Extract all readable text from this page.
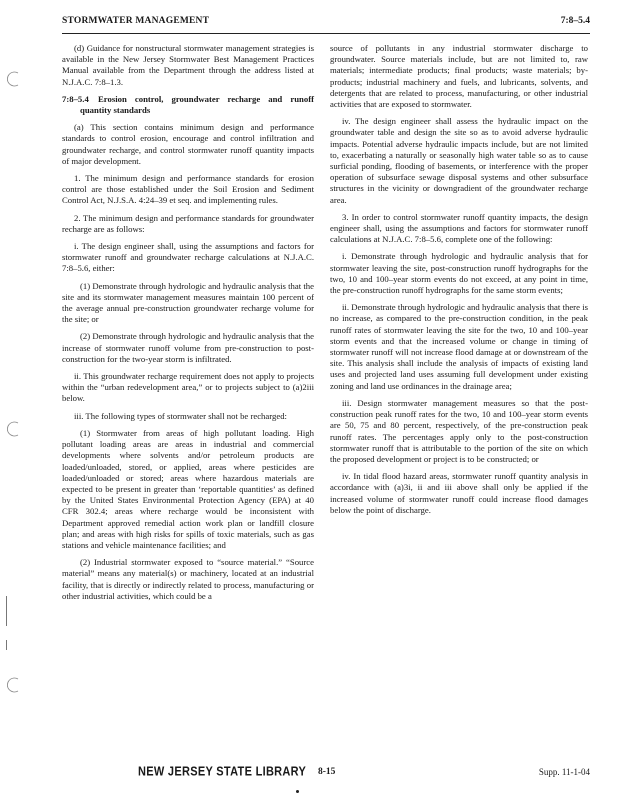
STORMWATER MANAGEMENT	7:8–5.4

(d) Guidance for nonstructural stormwater management strategies is available in the New Jersey Stormwater Best Management Practices Manual available from the Department through the address listed at N.J.A.C. 7:8–1.3.

7:8–5.4 Erosion control, groundwater recharge and runoff quantity standards

(a) This section contains minimum design and performance standards to control erosion, encourage and control infiltration and groundwater recharge, and control stormwater runoff quantity impacts of major development.

1. The minimum design and performance standards for erosion control are those established under the Soil Erosion and Sediment Control Act, N.J.S.A. 4:24–39 et seq. and implementing rules.

2. The minimum design and performance standards for groundwater recharge are as follows:

i. The design engineer shall, using the assumptions and factors for stormwater runoff and groundwater recharge calculations at N.J.A.C. 7:8–5.6, either:

(1) Demonstrate through hydrologic and hydraulic analysis that the site and its stormwater management measures maintain 100 percent of the average annual pre-construction groundwater recharge volume for the site; or

(2) Demonstrate through hydrologic and hydraulic analysis that the increase of stormwater runoff volume from pre-construction to post-construction for the two-year storm is infiltrated.

ii. This groundwater recharge requirement does not apply to projects within the “urban redevelopment area,” or to projects subject to (a)2iii below.

iii. The following types of stormwater shall not be recharged:

(1) Stormwater from areas of high pollutant loading. High pollutant loading areas are areas in industrial and commercial developments where solvents and/or petroleum products are loaded/unloaded, stored, or applied, areas where pesticides are loaded/unloaded or stored; areas where hazardous materials are expected to be present in greater than ‘reportable quantities’ as defined by the United States Environmental Protection Agency (EPA) at 40 CFR 302.4; areas where recharge would be inconsistent with Department approved remedial action work plan or landfill closure plan; and areas with high risks for spills of toxic materials, such as gas stations and vehicle maintenance facilities; and

(2) Industrial stormwater exposed to “source material.” “Source material” means any material(s) or machinery, located at an industrial facility, that is directly or indirectly related to process, manufacturing or other industrial activities, which could be a

source of pollutants in any industrial stormwater discharge to groundwater. Source materials include, but are not limited to, raw materials; intermediate products; final products; waste materials; by-products; industrial machinery and fuels, and lubricants, solvents, and detergents that are related to process, manufacturing, or other industrial activities that are exposed to stormwater.

iv. The design engineer shall assess the hydraulic impact on the groundwater table and design the site so as to avoid adverse hydraulic impacts. Potential adverse hydraulic impacts include, but are not limited to, exacerbating a naturally or seasonally high water table so as to cause surficial ponding, flooding of basements, or interference with the proper operation of subsurface sewage disposal systems and other subsurface structures in the vicinity or downgradient of the groundwater recharge area.

3. In order to control stormwater runoff quantity impacts, the design engineer shall, using the assumptions and factors for stormwater runoff calculations at N.J.A.C. 7:8–5.6, complete one of the following:

i. Demonstrate through hydrologic and hydraulic analysis that for stormwater leaving the site, post-construction runoff hydrographs for the two, 10 and 100–year storm events do not exceed, at any point in time, the pre-construction runoff hydrographs for the same storm events;

ii. Demonstrate through hydrologic and hydraulic analysis that there is no increase, as compared to the pre-construction condition, in the peak runoff rates of stormwater leaving the site for the two, 10 and 100–year storm events and that the increased volume or change in timing of stormwater runoff will not increase flood damage at or downstream of the site. This analysis shall include the analysis of impacts of existing land uses and projected land uses assuming full development under existing zoning and land use ordinances in the drainage area;

iii. Design stormwater management measures so that the post-construction peak runoff rates for the two, 10 and 100–year storm events are 50, 75 and 80 percent, respectively, of the pre-construction peak runoff rates. The percentages apply only to the post-construction stormwater runoff that is attributable to the portion of the site on which the proposed development or project is to be constructed; or

iv. In tidal flood hazard areas, stormwater runoff quantity analysis in accordance with (a)3i, ii and iii above shall only be applied if the increased volume of stormwater runoff could increase flood damages below the point of discharge.

NEW JERSEY STATE LIBRARY 8-15	Supp. 11-1-04
